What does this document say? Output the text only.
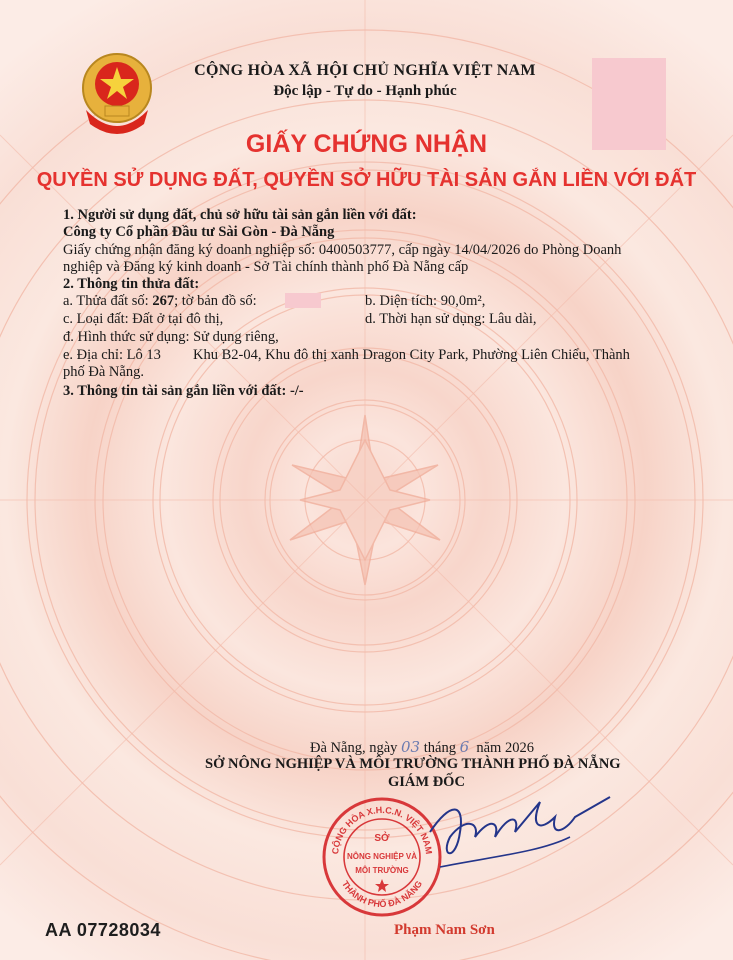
CỘNG HÒA XÃ HỘI CHỦ NGHĨA VIỆT NAM
Độc lập - Tự do - Hạnh phúc
GIẤY CHỨNG NHẬN
QUYỀN SỬ DỤNG ĐẤT, QUYỀN SỞ HỮU TÀI SẢN GẮN LIỀN VỚI ĐẤT
1. Người sử dụng đất, chủ sở hữu tài sản gắn liền với đất:
Công ty Cổ phần Đầu tư Sài Gòn - Đà Nẵng
Giấy chứng nhận đăng ký doanh nghiệp số: 0400503777, cấp ngày 14/04/2026 do Phòng Doanh
nghiệp và Đăng ký kinh doanh - Sở Tài chính thành phố Đà Nẵng cấp
2. Thông tin thửa đất:
a. Thửa đất số: 267; tờ bản đồ số:	b. Diện tích: 90,0m²,
c. Loại đất: Đất ở tại đô thị,	d. Thời hạn sử dụng: Lâu dài,
đ. Hình thức sử dụng: Sử dụng riêng,
e. Địa chỉ: Lô 13 Khu B2-04, Khu đô thị xanh Dragon City Park, Phường Liên Chiểu, Thành
phố Đà Nẵng.
3. Thông tin tài sản gắn liền với đất: -/-
Đà Nẵng, ngày 03 tháng 6 năm 2026
SỞ NÔNG NGHIỆP VÀ MÔI TRƯỜNG THÀNH PHỐ ĐÀ NẴNG
GIÁM ĐỐC
CỘNG HÒA X.H.C.N. VIỆT NAM
THÀNH PHỐ ĐÀ NẴNG
SỞ
NÔNG NGHIỆP VÀ
MÔI TRƯỜNG
Phạm Nam Sơn
AA 07728034
